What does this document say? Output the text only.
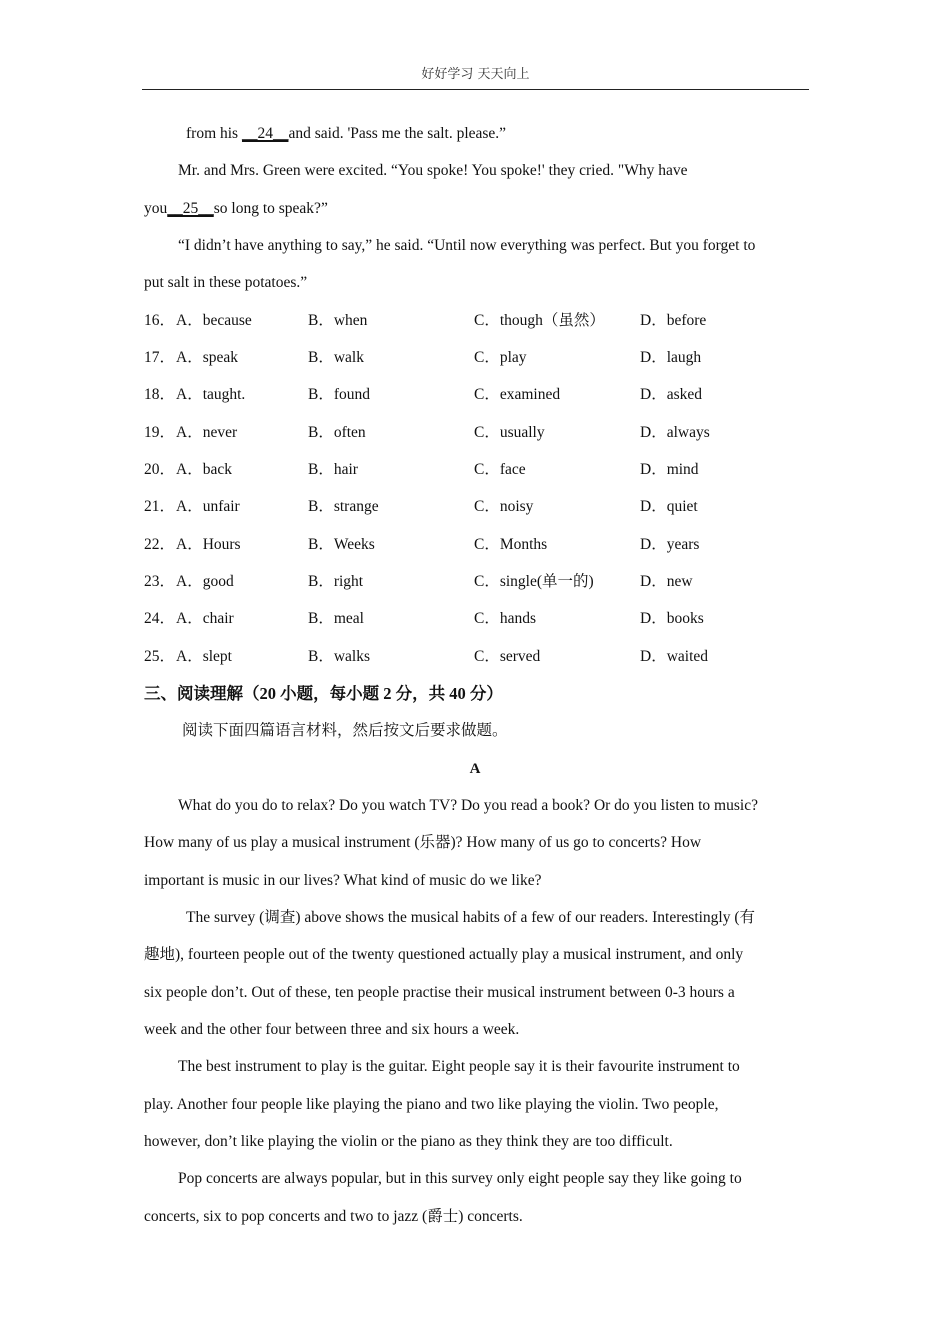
好好学习 天天向上
from his __24__and said. 'Pass me the salt. please.”
Mr. and Mrs. Green were excited. “You spoke! You spoke!' they cried. "Why have
you__25__so long to speak?”
“I didn’t have anything to say,” he said. “Until now everything was perfect. But you forget to
put salt in these potatoes.”
16． A．because	B．when	C．though（虽然） D．before
17． A．speak	B．walk	C．play	D．laugh
18． A．taught.	B．found	C．examined	D．asked
19． A．never	B．often	C．usually	D．always
20． A．back	B．hair	C．face	D．mind
21． A．unfair	B．strange	C．noisy	D．quiet
22． A．Hours	B．Weeks	C．Months	D．years
23． A．good	B．right	C．single(单一的)	D．new
24． A．chair	B．meal	C．hands	D．books
25． A．slept	B．walks	C．served	D．waited
三、阅读理解（20 小题，每小题 2 分，共 40 分）
阅读下面四篇语言材料，然后按文后要求做题。
A
What do you do to relax? Do you watch TV? Do you read a book? Or do you listen to music?
How many of us play a musical instrument (乐器)? How many of us go to concerts? How
important is music in our lives? What kind of music do we like?
The survey (调查) above shows the musical habits of a few of our readers. Interestingly (有
趣地), fourteen people out of the twenty questioned actually play a musical instrument, and only
six people don’t. Out of these, ten people practise their musical instrument between 0-3 hours a
week and the other four between three and six hours a week.
The best instrument to play is the guitar. Eight people say it is their favourite instrument to
play. Another four people like playing the piano and two like playing the violin. Two people,
however, don’t like playing the violin or the piano as they think they are too difficult.
Pop concerts are always popular, but in this survey only eight people say they like going to
concerts, six to pop concerts and two to jazz (爵士) concerts.
